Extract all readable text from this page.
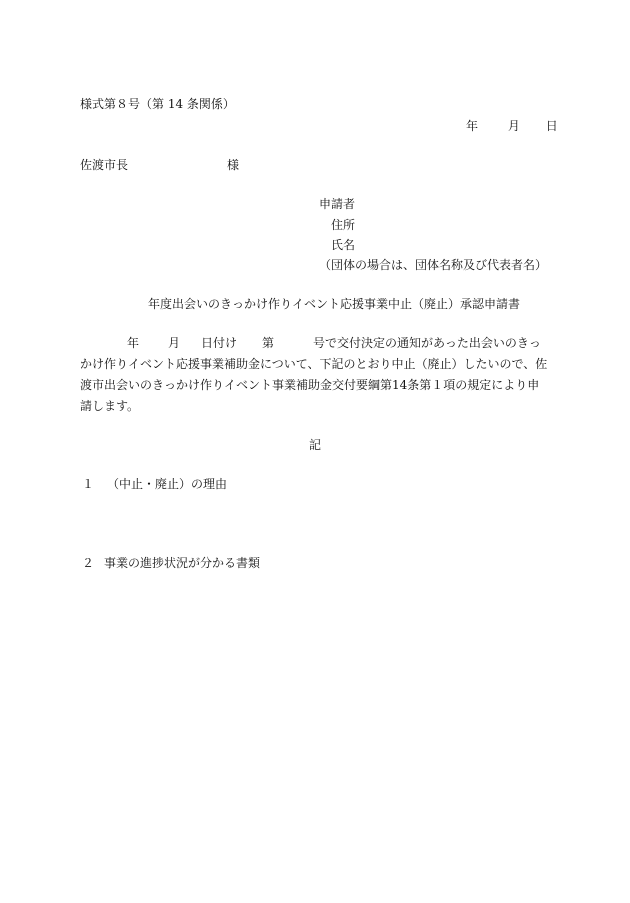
様式第８号（第 14 条関係）
年 月 日
佐渡市長	様
申請者
住所
氏名
（団体の場合は、団体名称及び代表者名）
年度出会いのきっかけ作りイベント応援事業中止（廃止）承認申請書
年 月 日付け 第	号で交付決定の通知があった出会いのきっ
かけ作りイベント応援事業補助金について、下記のとおり中止（廃止）したいので、佐
渡市出会いのきっかけ作りイベント事業補助金交付要綱第14条第１項の規定により申
請します。
記
１ （中止・廃止）の理由
２ 事業の進捗状況が分かる書類
